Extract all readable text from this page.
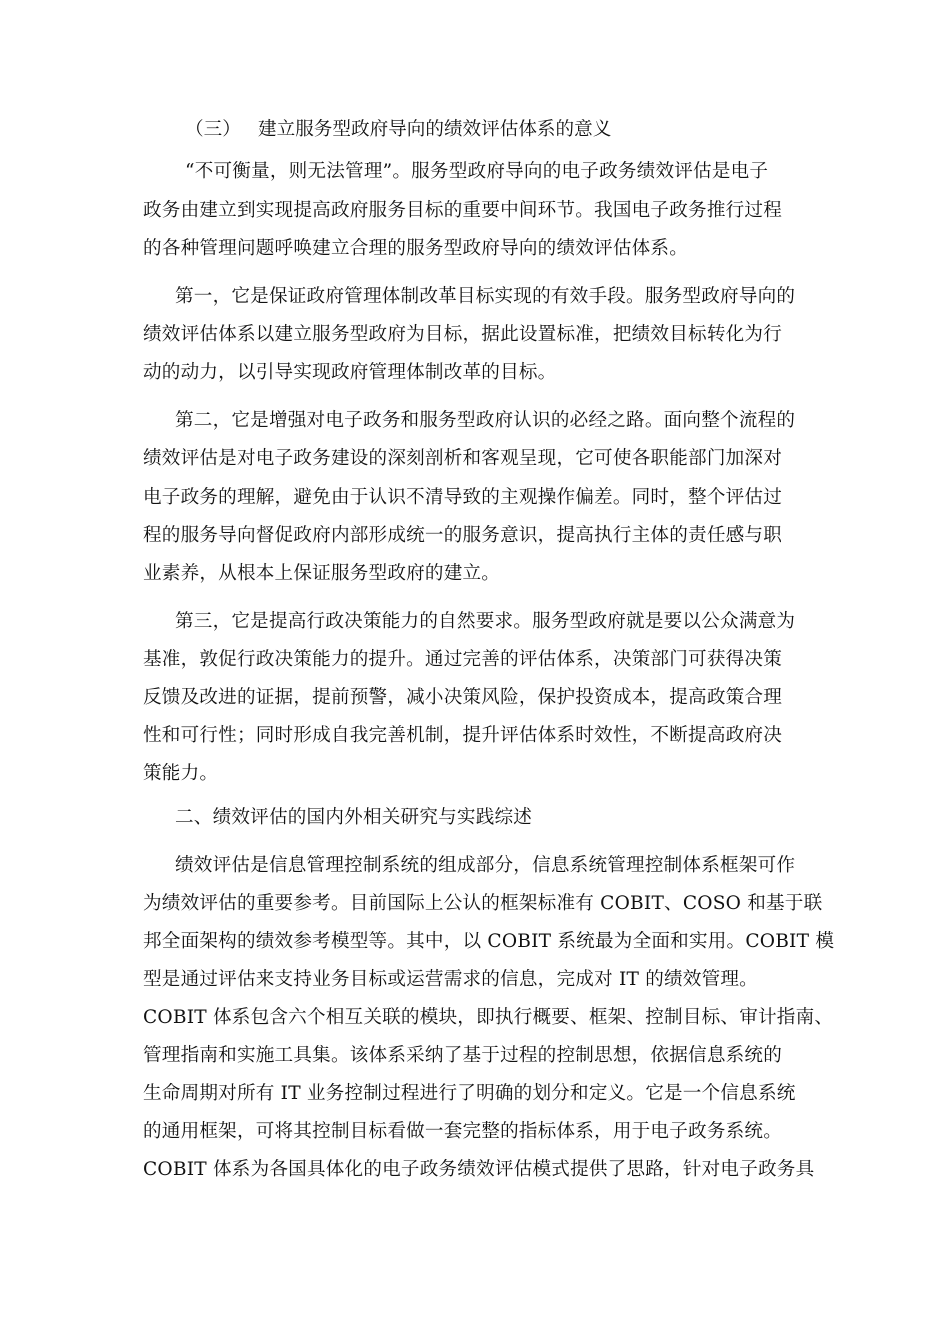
（三） 建立服务型政府导向的绩效评估体系的意义
“不可衡量，则无法管理”。服务型政府导向的电子政务绩效评估是电子
政务由建立到实现提高政府服务目标的重要中间环节。我国电子政务推行过程
的各种管理问题呼唤建立合理的服务型政府导向的绩效评估体系。
第一，它是保证政府管理体制改革目标实现的有效手段。服务型政府导向的
绩效评估体系以建立服务型政府为目标，据此设置标准，把绩效目标转化为行
动的动力，以引导实现政府管理体制改革的目标。
第二，它是增强对电子政务和服务型政府认识的必经之路。面向整个流程的
绩效评估是对电子政务建设的深刻剖析和客观呈现，它可使各职能部门加深对
电子政务的理解，避免由于认识不清导致的主观操作偏差。同时，整个评估过
程的服务导向督促政府内部形成统一的服务意识，提高执行主体的责任感与职
业素养，从根本上保证服务型政府的建立。
第三，它是提高行政决策能力的自然要求。服务型政府就是要以公众满意为
基准，敦促行政决策能力的提升。通过完善的评估体系，决策部门可获得决策
反馈及改进的证据，提前预警，减小决策风险，保护投资成本，提高政策合理
性和可行性；同时形成自我完善机制，提升评估体系时效性，不断提高政府决
策能力。
二、绩效评估的国内外相关研究与实践综述
绩效评估是信息管理控制系统的组成部分，信息系统管理控制体系框架可作
为绩效评估的重要参考。目前国际上公认的框架标准有 COBIT、COSO 和基于联
邦全面架构的绩效参考模型等。其中，以 COBIT 系统最为全面和实用。COBIT 模
型是通过评估来支持业务目标或运营需求的信息，完成对 IT 的绩效管理。
COBIT 体系包含六个相互关联的模块，即执行概要、框架、控制目标、审计指南、
管理指南和实施工具集。该体系采纳了基于过程的控制思想，依据信息系统的
生命周期对所有 IT 业务控制过程进行了明确的划分和定义。它是一个信息系统
的通用框架，可将其控制目标看做一套完整的指标体系，用于电子政务系统。
COBIT 体系为各国具体化的电子政务绩效评估模式提供了思路，针对电子政务具
